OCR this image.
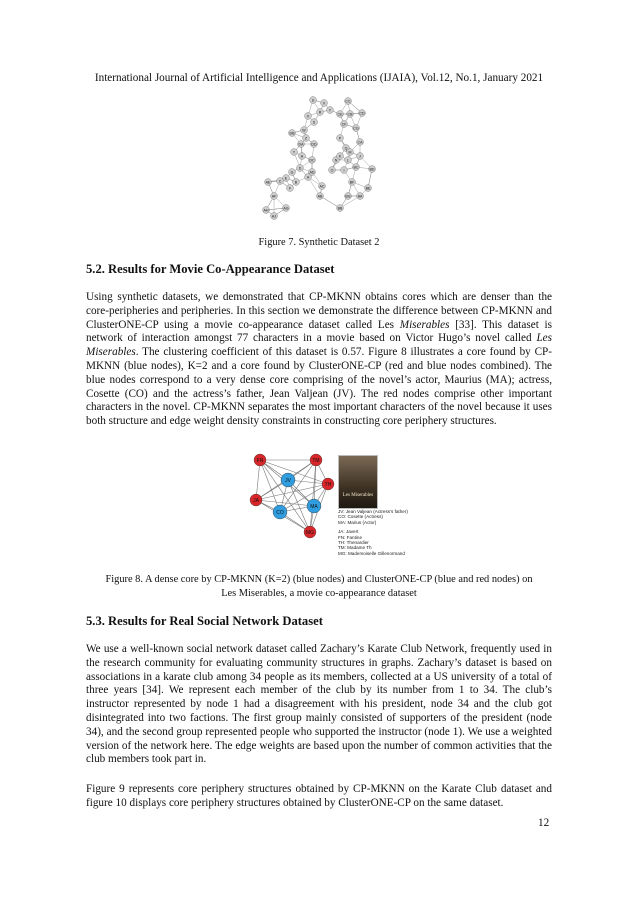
International Journal of Artificial Intelligence and Applications (IJAIA), Vol.12, No.1, January 2021
U
V	CC
R	CE CB CD
S	CF
DB
W	CG
CA
P
Q
DA DD
M
N
O
BC	BD
A
DC
T
J
I
D
G
E
C
H
AD
B
AE
F	AC
BF
BE
AF	AB	BG BA
AH	AG	BB
AJ
L
K
X
Y
Z
Figure 7. Synthetic Dataset 2
5.2. Results for Movie Co-Appearance Dataset

Using synthetic datasets, we demonstrated that CP-MKNN obtains cores which are denser than the core-peripheries and peripheries. In this section we demonstrate the difference between CP-MKNN and ClusterONE-CP using a movie co-appearance dataset called Les Miserables [33]. This dataset is network of interaction amongst 77 characters in a movie based on Victor Hugo’s novel called Les Miserables. The clustering coefficient of this dataset is 0.57. Figure 8 illustrates a core found by CP-MKNN (blue nodes), K=2 and a core found by ClusterONE-CP (red and blue nodes combined). The blue nodes correspond to a very dense core comprising of the novel’s actor, Maurius (MA); actress, Cosette (CO) and the actress’s father, Jean Valjean (JV). The red nodes comprise other important characters in the novel. CP-MKNN separates the most important characters of the novel because it uses both structure and edge weight density constraints in constructing core periphery structures.

FN	TM
JV
TH
JA
MA
CO
MG
Les Miserables
JV: Jean Valjean (Actress’s father)
CO: Cosette (Actress)
MA: Marius (Actor)
JA: Javert
FN: Fantine
TH: Thenardier
TM: Madame Th
MG: Mademoiselle Gillenormand
Figure 8. A dense core by CP-MKNN (K=2) (blue nodes) and ClusterONE-CP (blue and red nodes) on
Les Miserables, a movie co-appearance dataset
5.3. Results for Real Social Network Dataset

We use a well-known social network dataset called Zachary’s Karate Club Network, frequently used in the research community for evaluating community structures in graphs. Zachary’s dataset is based on associations in a karate club among 34 people as its members, collected at a US university of a total of three years [34]. We represent each member of the club by its number from 1 to 34. The club’s instructor represented by node 1 had a disagreement with his president, node 34 and the club got disintegrated into two factions. The first group mainly consisted of supporters of the president (node 34), and the second group represented people who supported the instructor (node 1). We use a weighted version of the network here. The edge weights are based upon the number of common activities that the club members took part in.

Figure 9 represents core periphery structures obtained by CP-MKNN on the Karate Club dataset and figure 10 displays core periphery structures obtained by ClusterONE-CP on the same dataset.

12
